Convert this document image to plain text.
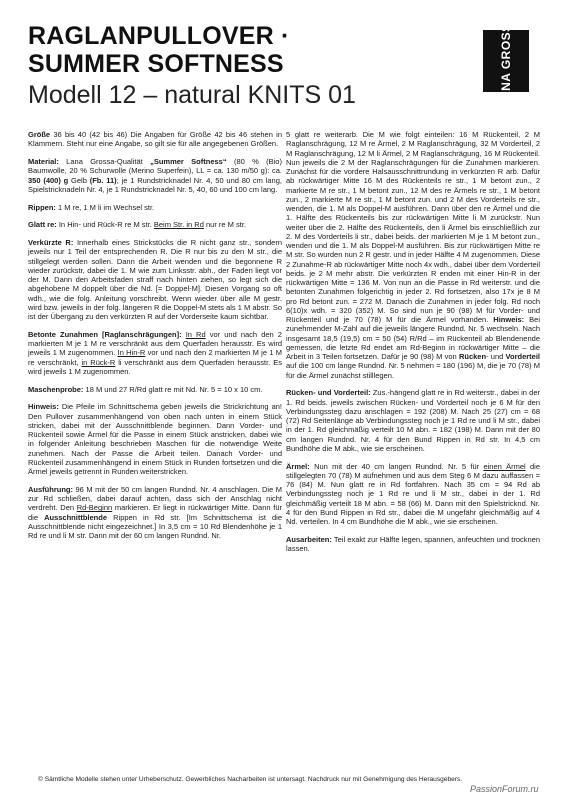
RAGLANPULLOVER ·
SUMMER SOFTNESS
Modell 12 – natural KNITS 01	LANA GROSSA

Größe 36 bis 40 (42 bis 46) Die Angaben für Größe 42 bis 46 stehen in Klammern. Steht nur eine Angabe, so gilt sie für alle angegebenen Größen.

Material: Lana Grossa-Qualität „Summer Softness“ (80 % (Bio) Baumwolle, 20 % Schurwolle (Merino Superfein), LL = ca. 130 m/50 g): ca. 350 (400) g Gelb (Fb. 11); je 1 Rundstricknadel Nr. 4, 50 und 80 cm lang, Spielstricknadeln Nr. 4, je 1 Rundstricknadel Nr. 5, 40, 60 und 100 cm lang.

Rippen: 1 M re, 1 M li im Wechsel str.

Glatt re: In Hin- und Rück-R re M str. Beim Str. in Rd nur re M str.

Verkürzte R: Innerhalb eines Strickstücks die R nicht ganz str., sondern jeweils nur 1 Teil der entsprechenden R. Die R nur bis zu den M str., die stillgelegt werden sollen. Dann die Arbeit wenden und die begonnene R wieder zurückstr, dabei die 1. M wie zum Linksstr. abh., der Faden liegt vor der M. Dann den Arbeitsfaden straff nach hinten ziehen, so legt sich die abgehobene M doppelt über die Nd. [= Doppel-M]. Diesen Vorgang so oft wdh., wie die folg. Anleitung vorschreibt. Wenn wieder über alle M gestr. wird bzw. jeweils in der folg. längeren R die Doppel-M stets als 1 M abstr. So ist der Übergang zu den verkürzten R auf der Vorderseite kaum sichtbar.

Betonte Zunahmen [Raglanschrägungen]: In Rd vor und nach den 2 markierten M je 1 M re verschränkt aus dem Querfaden herausstr. Es wird jeweils 1 M zugenommen. In Hin-R vor und nach den 2 markierten M je 1 M re verschränkt, in Rück-R li verschränkt aus dem Querfaden herausstr. Es wird jeweils 1 M zugenommen.

Maschenprobe: 18 M und 27 R/Rd glatt re mit Nd. Nr. 5 = 10 x 10 cm.

Hinweis: Die Pfeile im Schnittschema geben jeweils die Strickrichtung an! Den Pullover zusammenhängend von oben nach unten in einem Stück stricken, dabei mit der Ausschnittblende beginnen. Dann Vorder- und Rückenteil sowie Ärmel für die Passe in einem Stück anstricken, dabei wie in folgender Anleitung beschrieben Maschen für die notwendige Weite zunehmen. Nach der Passe die Arbeit teilen. Danach Vorder- und Rückenteil zusammenhängend in einem Stück in Runden fortsetzen und die Ärmel jeweils getrennt in Runden weiterstricken.

Ausführung: 96 M mit der 50 cm langen Rundnd. Nr. 4 anschlagen. Die M zur Rd schließen, dabei darauf achten, dass sich der Anschlag nicht verdreht. Den Rd-Beginn markieren. Er liegt in rückwärtiger Mitte. Dann für die Ausschnittblende Rippen in Rd str. [Im Schnittschema ist die Ausschnittblende nicht eingezeichnet.] In 3,5 cm = 10 Rd Blendenhöhe je 1 Rd re und li M str. Dann mit der 60 cm langen Rundnd. Nr.

5 glatt re weiterarb. Die M wie folgt einteilen: 16 M Rückenteil, 2 M Raglanschrägung, 12 M re Ärmel, 2 M Raglanschrägung, 32 M Vorderteil, 2 M Raglanschrägung, 12 M li Ärmel, 2 M Raglanschrägung, 16 M Rückenteil. Nun jeweils die 2 M der Raglanschrägungen für die Zunahmen markieren. Zunächst für die vordere Halsausschnittrundung in verkürzten R arb. Dafür ab rückwärtiger Mitte 16 M des Rückenteils re str., 1 M betont zun., 2 markierte M re str., 1 M betont zun., 12 M des re Ärmels re str., 1 M betont zun., 2 markierte M re str., 1 M betont zun. und 2 M des Vorderteils re str., wenden, die 1. M als Doppel-M ausführen. Dann über den re Ärmel und die 1. Hälfte des Rückenteils bis zur rückwärtigen Mitte li M zurückstr. Nun weiter über die 2. Hälfte des Rückenteils, den li Ärmel bis einschließlich zur 2. M des Vorderteils li str., dabei beids. der markierten M je 1 M betont zun., wenden und die 1. M als Doppel-M ausführen. Bis zur rückwärtigen Mitte re M str. So wurden nun 2 R gestr. und in jeder Hälfte 4 M zugenommen. Diese 2 Zunahme-R ab rückwärtiger Mitte noch 4x wdh., dabei über dem Vorderteil beids. je 2 M mehr abstr. Die verkürzten R enden mit einer Hin-R in der rückwärtigen Mitte = 136 M. Von nun an die Passe in Rd weiterstr. und die betonten Zunahmen folgerichtig in jeder 2. Rd fortsetzen, also 17x je 8 M pro Rd betont zun. = 272 M. Danach die Zunahmen in jeder folg. Rd noch 6(10)x wdh. = 320 (352) M. So sind nun je 90 (98) M für Vorder- und Rückenteil und je 70 (78) M für die Ärmel vorhanden. Hinweis: Bei zunehmender M-Zahl auf die jeweils längere Rundnd. Nr. 5 wechseln. Nach insgesamt 18,5 (19,5) cm = 50 (54) R/Rd – im Rückenteil ab Blendenende gemessen, die letzte Rd endet am Rd-Beginn in rückwärtiger Mitte – die Arbeit in 3 Teilen fortsetzen. Dafür je 90 (98) M von Rücken- und Vorderteil auf die 100 cm lange Rundnd. Nr. 5 nehmen = 180 (196) M, die je 70 (78) M für die Ärmel zunächst stilllegen.

Rücken- und Vorderteil: Zus.-hängend glatt re in Rd weiterstr., dabei in der 1. Rd beids. jeweils zwischen Rücken- und Vorderteil noch je 6 M für den Verbindungssteg dazu anschlagen = 192 (208) M. Nach 25 (27) cm = 68 (72) Rd Seitenlänge ab Verbindungssteg noch je 1 Rd re und li M str., dabei in der 1. Rd gleichmäßig verteilt 10 M abn. = 182 (198) M. Dann mit der 80 cm langen Rundnd. Nr. 4 für den Bund Rippen in Rd str. In 4,5 cm Bundhöhe die M abk., wie sie erscheinen.

Ärmel: Nun mit der 40 cm langen Rundnd. Nr. 5 für einen Ärmel die stillgelegten 70 (78) M aufnehmen und aus dem Steg 6 M dazu auffassen = 76 (84) M. Nun glatt re in Rd fortfahren. Nach 35 cm = 94 Rd ab Verbindungssteg noch je 1 Rd re und li M str., dabei in der 1. Rd gleichmäßig verteilt 18 M abn. = 58 (66) M. Dann mit den Spielstricknd. Nr. 4 für den Bund Rippen in Rd str., dabei die M ungefähr gleichmäßig auf 4 Nd. verteilen. In 4 cm Bundhöhe die M abk., wie sie erscheinen.

Ausarbeiten: Teil exakt zur Hälfte legen, spannen, anfeuchten und trocknen lassen.

© Sämtliche Modelle stehen unter Urheberschutz. Gewerbliches Nacharbeiten ist untersagt. Nachdruck nur mit Genehmigung des Herausgebers.
PassionForum.ru
